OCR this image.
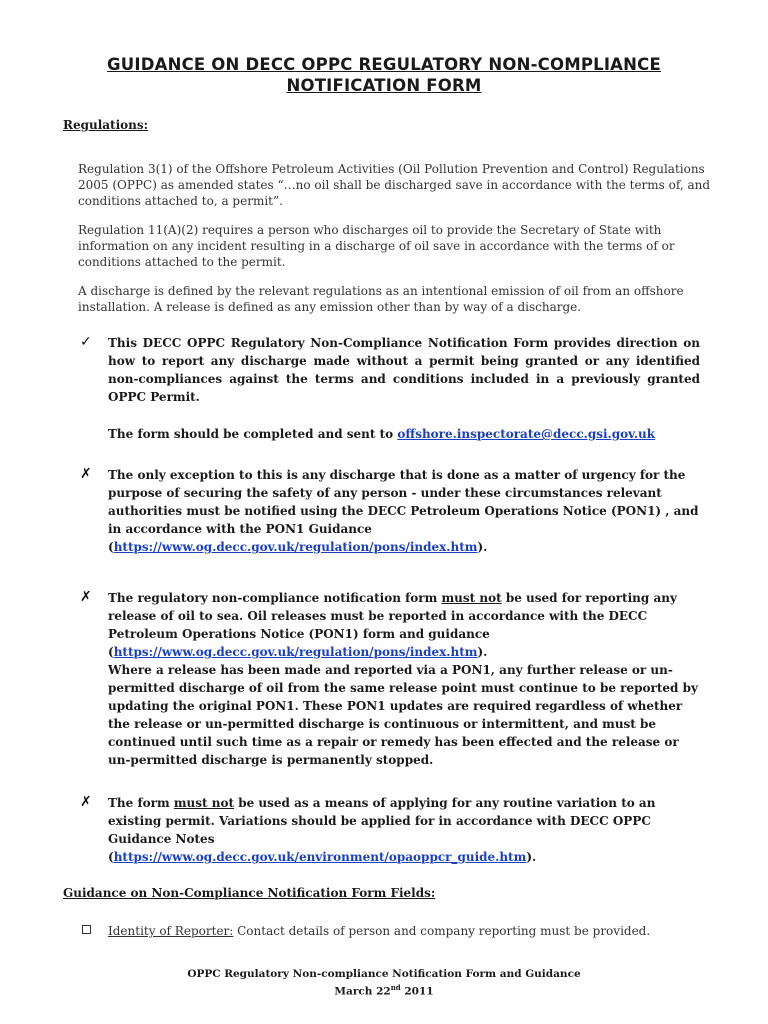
GUIDANCE ON DECC OPPC REGULATORY NON-COMPLIANCE
NOTIFICATION FORM
Regulations:
Regulation 3(1) of the Offshore Petroleum Activities (Oil Pollution Prevention and Control) Regulations 2005 (OPPC) as amended states “…no oil shall be discharged save in accordance with the terms of, and conditions attached to, a permit”.
Regulation 11(A)(2) requires a person who discharges oil to provide the Secretary of State with information on any incident resulting in a discharge of oil save in accordance with the terms of or conditions attached to the permit.
A discharge is defined by the relevant regulations as an intentional emission of oil from an offshore installation. A release is defined as any emission other than by way of a discharge.
✓	This DECC OPPC Regulatory Non-Compliance Notification Form provides direction on how to report any discharge made without a permit being granted or any identified non-compliances against the terms and conditions included in a previously granted OPPC Permit.
The form should be completed and sent to offshore.inspectorate@decc.gsi.gov.uk
✗	The only exception to this is any discharge that is done as a matter of urgency for the purpose of securing the safety of any person - under these circumstances relevant authorities must be notified using the DECC Petroleum Operations Notice (PON1) , and in accordance with the PON1 Guidance
(https://www.og.decc.gov.uk/regulation/pons/index.htm).
✗	The regulatory non-compliance notification form must not be used for reporting any release of oil to sea. Oil releases must be reported in accordance with the DECC Petroleum Operations Notice (PON1) form and guidance
(https://www.og.decc.gov.uk/regulation/pons/index.htm).
Where a release has been made and reported via a PON1, any further release or un-permitted discharge of oil from the same release point must continue to be reported by updating the original PON1. These PON1 updates are required regardless of whether the release or un-permitted discharge is continuous or intermittent, and must be continued until such time as a repair or remedy has been effected and the release or un-permitted discharge is permanently stopped.
✗	The form must not be used as a means of applying for any routine variation to an existing permit. Variations should be applied for in accordance with DECC OPPC Guidance Notes
(https://www.og.decc.gov.uk/environment/opaoppcr_guide.htm).
Guidance on Non-Compliance Notification Form Fields:
Identity of Reporter: Contact details of person and company reporting must be provided.
OPPC Regulatory Non-compliance Notification Form and Guidance
March 22nd 2011
